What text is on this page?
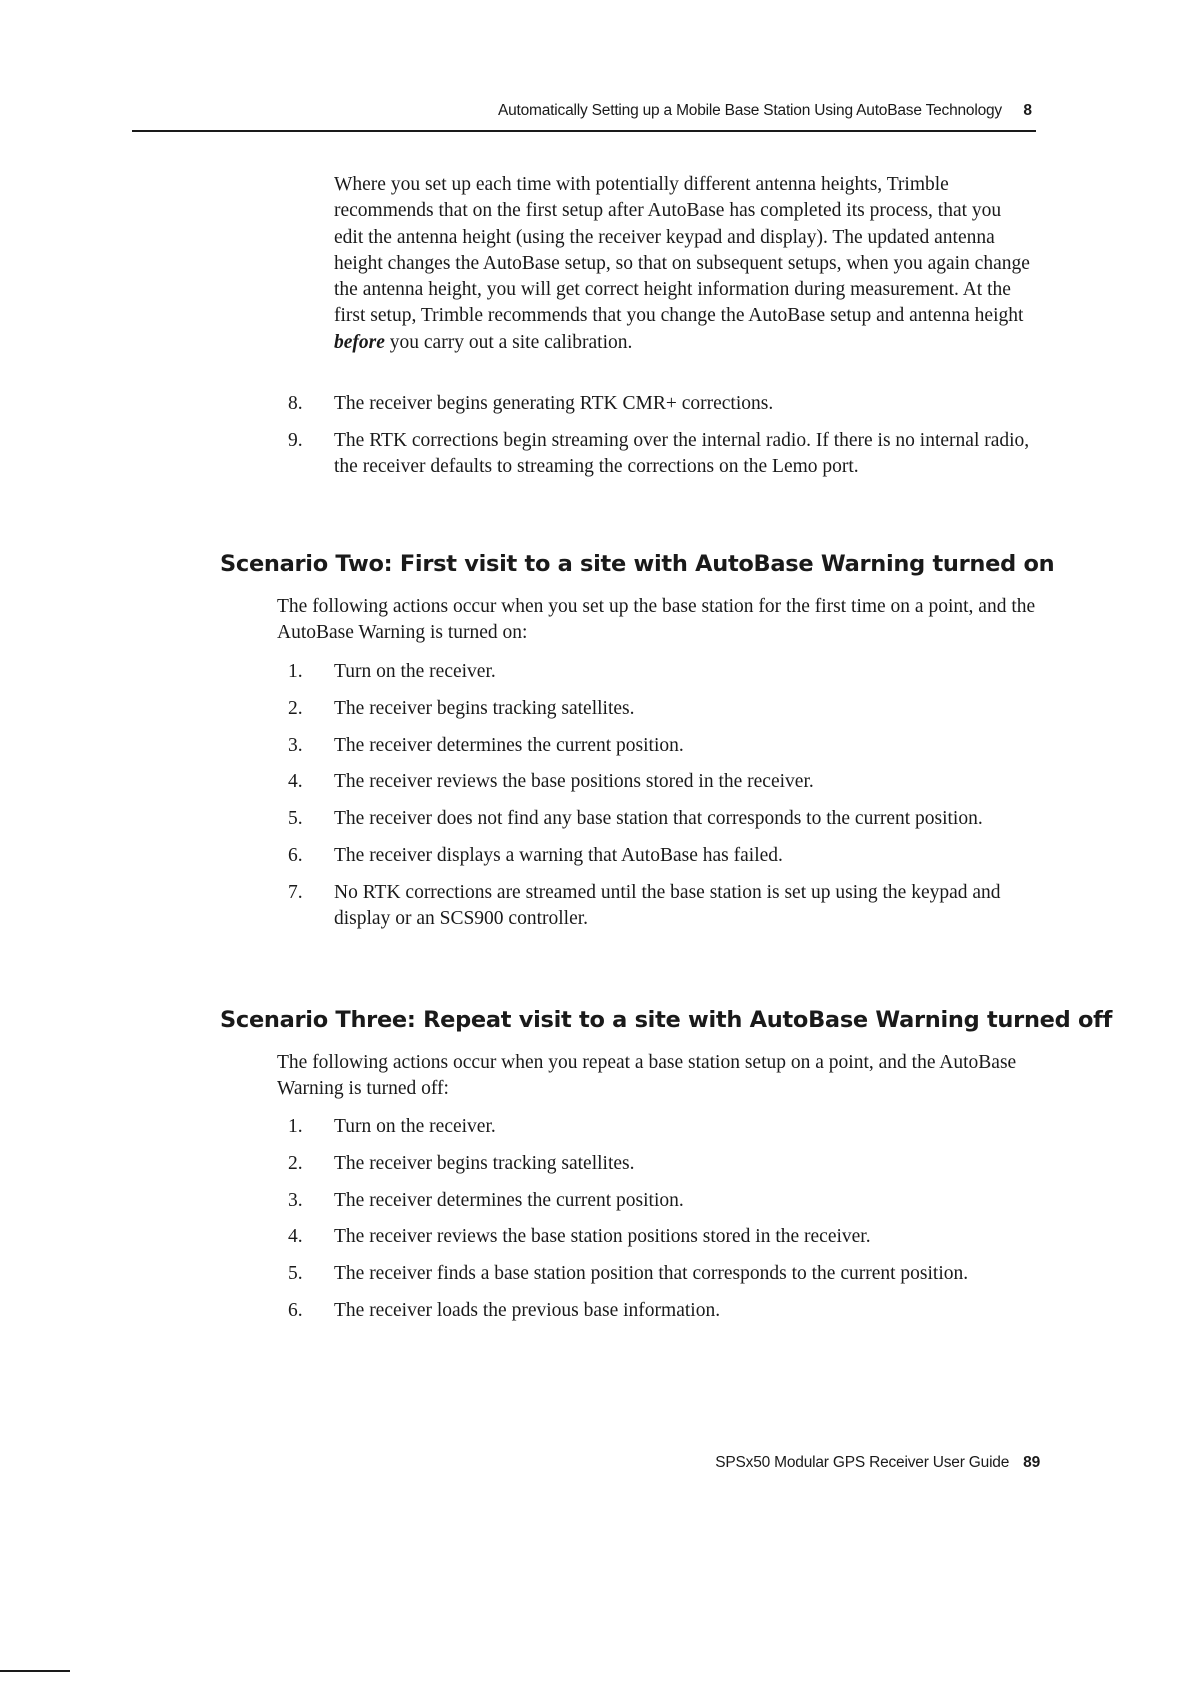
Automatically Setting up a Mobile Base Station Using AutoBase Technology 8

Where you set up each time with potentially different antenna heights, Trimble recommends that on the first setup after AutoBase has completed its process, that you edit the antenna height (using the receiver keypad and display). The updated antenna height changes the AutoBase setup, so that on subsequent setups, when you again change the antenna height, you will get correct height information during measurement. At the first setup, Trimble recommends that you change the AutoBase setup and antenna height before you carry out a site calibration.

8.	The receiver begins generating RTK CMR+ corrections.
9.	The RTK corrections begin streaming over the internal radio. If there is no internal radio, the receiver defaults to streaming the corrections on the Lemo port.
Scenario Two: First visit to a site with AutoBase Warning turned on

The following actions occur when you set up the base station for the first time on a point, and the AutoBase Warning is turned on:

1.	Turn on the receiver.
2.	The receiver begins tracking satellites.
3.	The receiver determines the current position.
4.	The receiver reviews the base positions stored in the receiver.
5.	The receiver does not find any base station that corresponds to the current position.
6.	The receiver displays a warning that AutoBase has failed.
7.	No RTK corrections are streamed until the base station is set up using the keypad and display or an SCS900 controller.
Scenario Three: Repeat visit to a site with AutoBase Warning turned off

The following actions occur when you repeat a base station setup on a point, and the AutoBase Warning is turned off:

1.	Turn on the receiver.
2.	The receiver begins tracking satellites.
3.	The receiver determines the current position.
4.	The receiver reviews the base station positions stored in the receiver.
5.	The receiver finds a base station position that corresponds to the current position.
6.	The receiver loads the previous base information.
SPSx50 Modular GPS Receiver User Guide 89
